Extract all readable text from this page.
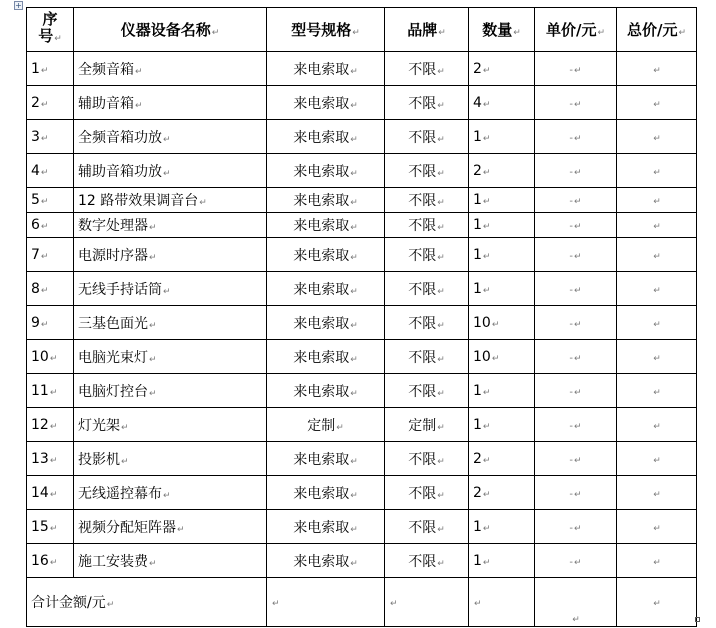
+
序
号↵	仪器设备名称↵	型号规格↵	品牌↵	数量↵	单价/元↵	总价/元↵
1↵	全频音箱↵	来电索取↵	不限↵	2↵	-↵	↵
2↵	辅助音箱↵	来电索取↵	不限↵	4↵	-↵	↵
3↵	全频音箱功放↵	来电索取↵	不限↵	1↵	-↵	↵
4↵	辅助音箱功放↵	来电索取↵	不限↵	2↵	-↵	↵
5↵	12 路带效果调音台↵	来电索取↵	不限↵	1↵	-↵	↵
6↵	数字处理器↵	来电索取↵	不限↵	1↵	-↵	↵
7↵	电源时序器↵	来电索取↵	不限↵	1↵	-↵	↵
8↵	无线手持话筒↵	来电索取↵	不限↵	1↵	-↵	↵
9↵	三基色面光↵	来电索取↵	不限↵	10↵	-↵	↵
10↵	电脑光束灯↵	来电索取↵	不限↵	10↵	-↵	↵
11↵	电脑灯控台↵	来电索取↵	不限↵	1↵	-↵	↵
12↵	灯光架↵	定制↵	定制↵	1↵	-↵	↵
13↵	投影机↵	来电索取↵	不限↵	2↵	-↵	↵
14↵	无线遥控幕布↵	来电索取↵	不限↵	2↵	-↵	↵
15↵	视频分配矩阵器↵	来电索取↵	不限↵	1↵	-↵	↵
16↵	施工安装费↵	来电索取↵	不限↵	1↵	-↵	↵
合计金额/元↵		↵	↵	↵	↵	↵
